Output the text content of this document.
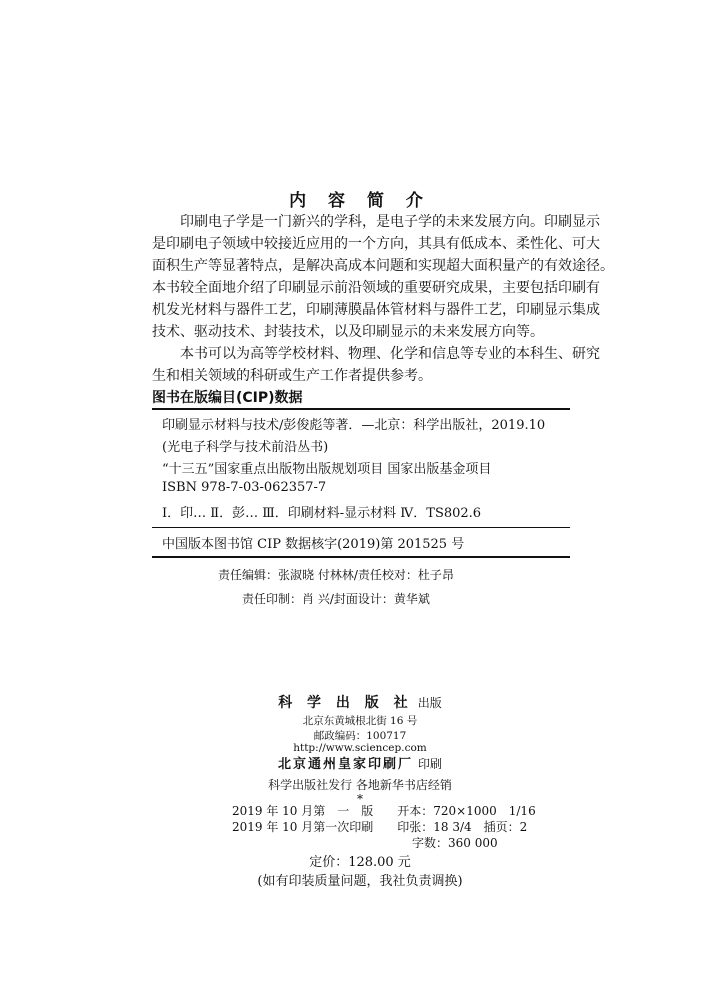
内 容 简 介
印刷电子学是一门新兴的学科，是电子学的未来发展方向。印刷显示
是印刷电子领域中较接近应用的一个方向，其具有低成本、柔性化、可大
面积生产等显著特点，是解决高成本问题和实现超大面积量产的有效途径。
本书较全面地介绍了印刷显示前沿领域的重要研究成果，主要包括印刷有
机发光材料与器件工艺，印刷薄膜晶体管材料与器件工艺，印刷显示集成
技术、驱动技术、封装技术，以及印刷显示的未来发展方向等。
本书可以为高等学校材料、物理、化学和信息等专业的本科生、研究
生和相关领域的科研或生产工作者提供参考。
图书在版编目(CIP)数据
印刷显示材料与技术/彭俊彪等著．—北京：科学出版社，2019.10
(光电子科学与技术前沿丛书)
“十三五”国家重点出版物出版规划项目 国家出版基金项目
ISBN 978-7-03-062357-7
Ⅰ．印… Ⅱ．彭… Ⅲ．印刷材料-显示材料 Ⅳ．TS802.6
中国版本图书馆 CIP 数据核字(2019)第 201525 号
责任编辑：张淑晓 付林林/责任校对：杜子昂
责任印制：肖 兴/封面设计：黄华斌
科 学 出 版 社 出版
北京东黄城根北街 16 号
邮政编码：100717
http://www.sciencep.com
北京通州皇家印刷厂 印刷
科学出版社发行 各地新华书店经销
*
2019 年 10 月第　一　版　　开本：720×1000　1/16
2019 年 10 月第一次印刷　　印张：18 3/4　插页：2
字数：360 000
定价：128.00 元
(如有印装质量问题，我社负责调换)
